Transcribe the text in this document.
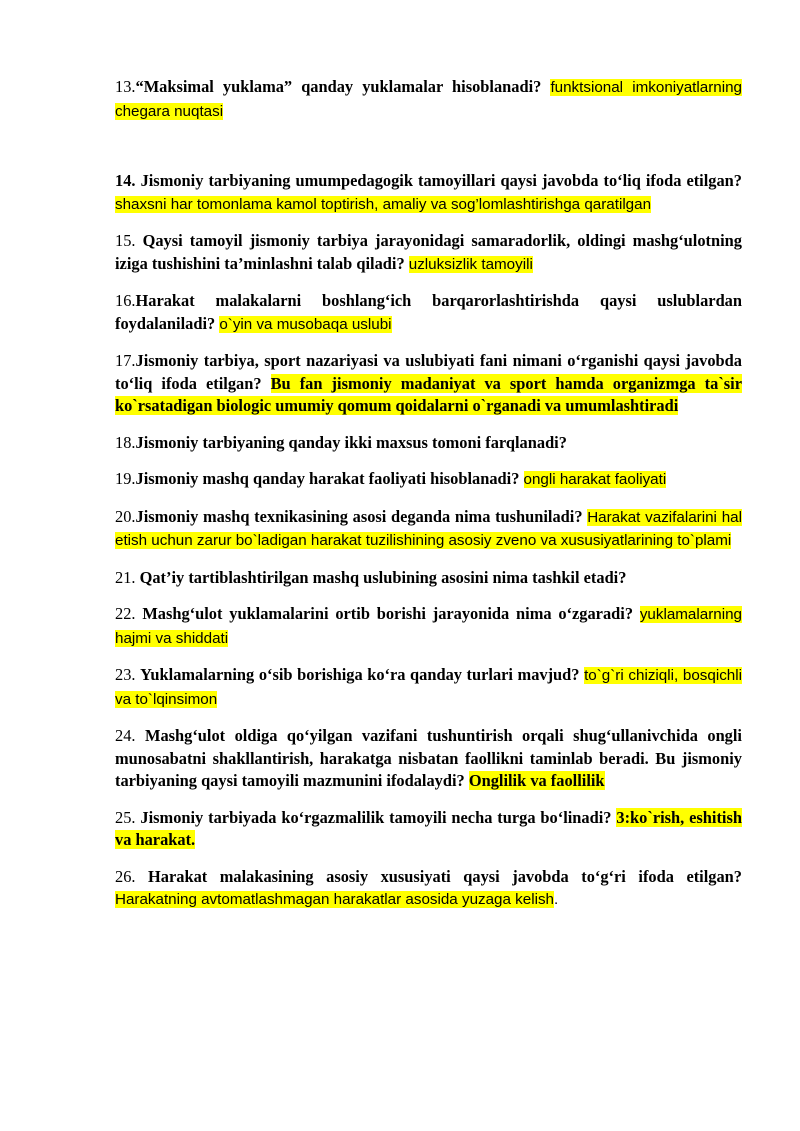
13.“Maksimal yuklama” qanday yuklamalar hisoblanadi? funktsional imkoniyatlarning chegara nuqtasi

14. Jismoniy tarbiyaning umumpedagogik tamoyillari qaysi javobda to‘liq ifoda etilgan? shaxsni har tomonlama kamol toptirish, amaliy va sog’lomlashtirishga qaratilgan

15. Qaysi tamoyil jismoniy tarbiya jarayonidagi samaradorlik, oldingi mashg‘ulotning iziga tushishini ta’minlashni talab qiladi? uzluksizlik tamoyili

16.Harakat malakalarni boshlang‘ich barqarorlashtirishda qaysi uslublardan foydalaniladi? o`yin va musobaqa uslubi

17.Jismoniy tarbiya, sport nazariyasi va uslubiyati fani nimani o‘rganishi qaysi javobda to‘liq ifoda etilgan? Bu fan jismoniy madaniyat va sport hamda organizmga ta`sir ko`rsatadigan biologic umumiy qomum qoidalarni o`rganadi va umumlashtiradi

18.Jismoniy tarbiyaning qanday ikki maxsus tomoni farqlanadi?

19.Jismoniy mashq qanday harakat faoliyati hisoblanadi? ongli harakat faoliyati

20.Jismoniy mashq texnikasining asosi deganda nima tushuniladi? Harakat vazifalarini hal etish uchun zarur bo`ladigan harakat tuzilishining asosiy zveno va xususiyatlarining to`plami

21. Qat’iy tartiblashtirilgan mashq uslubining asosini nima tashkil etadi?

22. Mashg‘ulot yuklamalarini ortib borishi jarayonida nima o‘zgaradi? yuklamalarning hajmi va shiddati

23. Yuklamalarning o‘sib borishiga ko‘ra qanday turlari mavjud? to`g`ri chiziqli, bosqichli va to`lqinsimon

24. Mashg‘ulot oldiga qo‘yilgan vazifani tushuntirish orqali shug‘ullanivchida ongli munosabatni shakllantirish, harakatga nisbatan faollikni taminlab beradi. Bu jismoniy tarbiyaning qaysi tamoyili mazmunini ifodalaydi? Onglilik va faollilik

25. Jismoniy tarbiyada ko‘rgazmalilik tamoyili necha turga bo‘linadi? 3:ko`rish, eshitish va harakat.

26. Harakat malakasining asosiy xususiyati qaysi javobda to‘g‘ri ifoda etilgan? Harakatning avtomatlashmagan harakatlar asosida yuzaga kelish.
